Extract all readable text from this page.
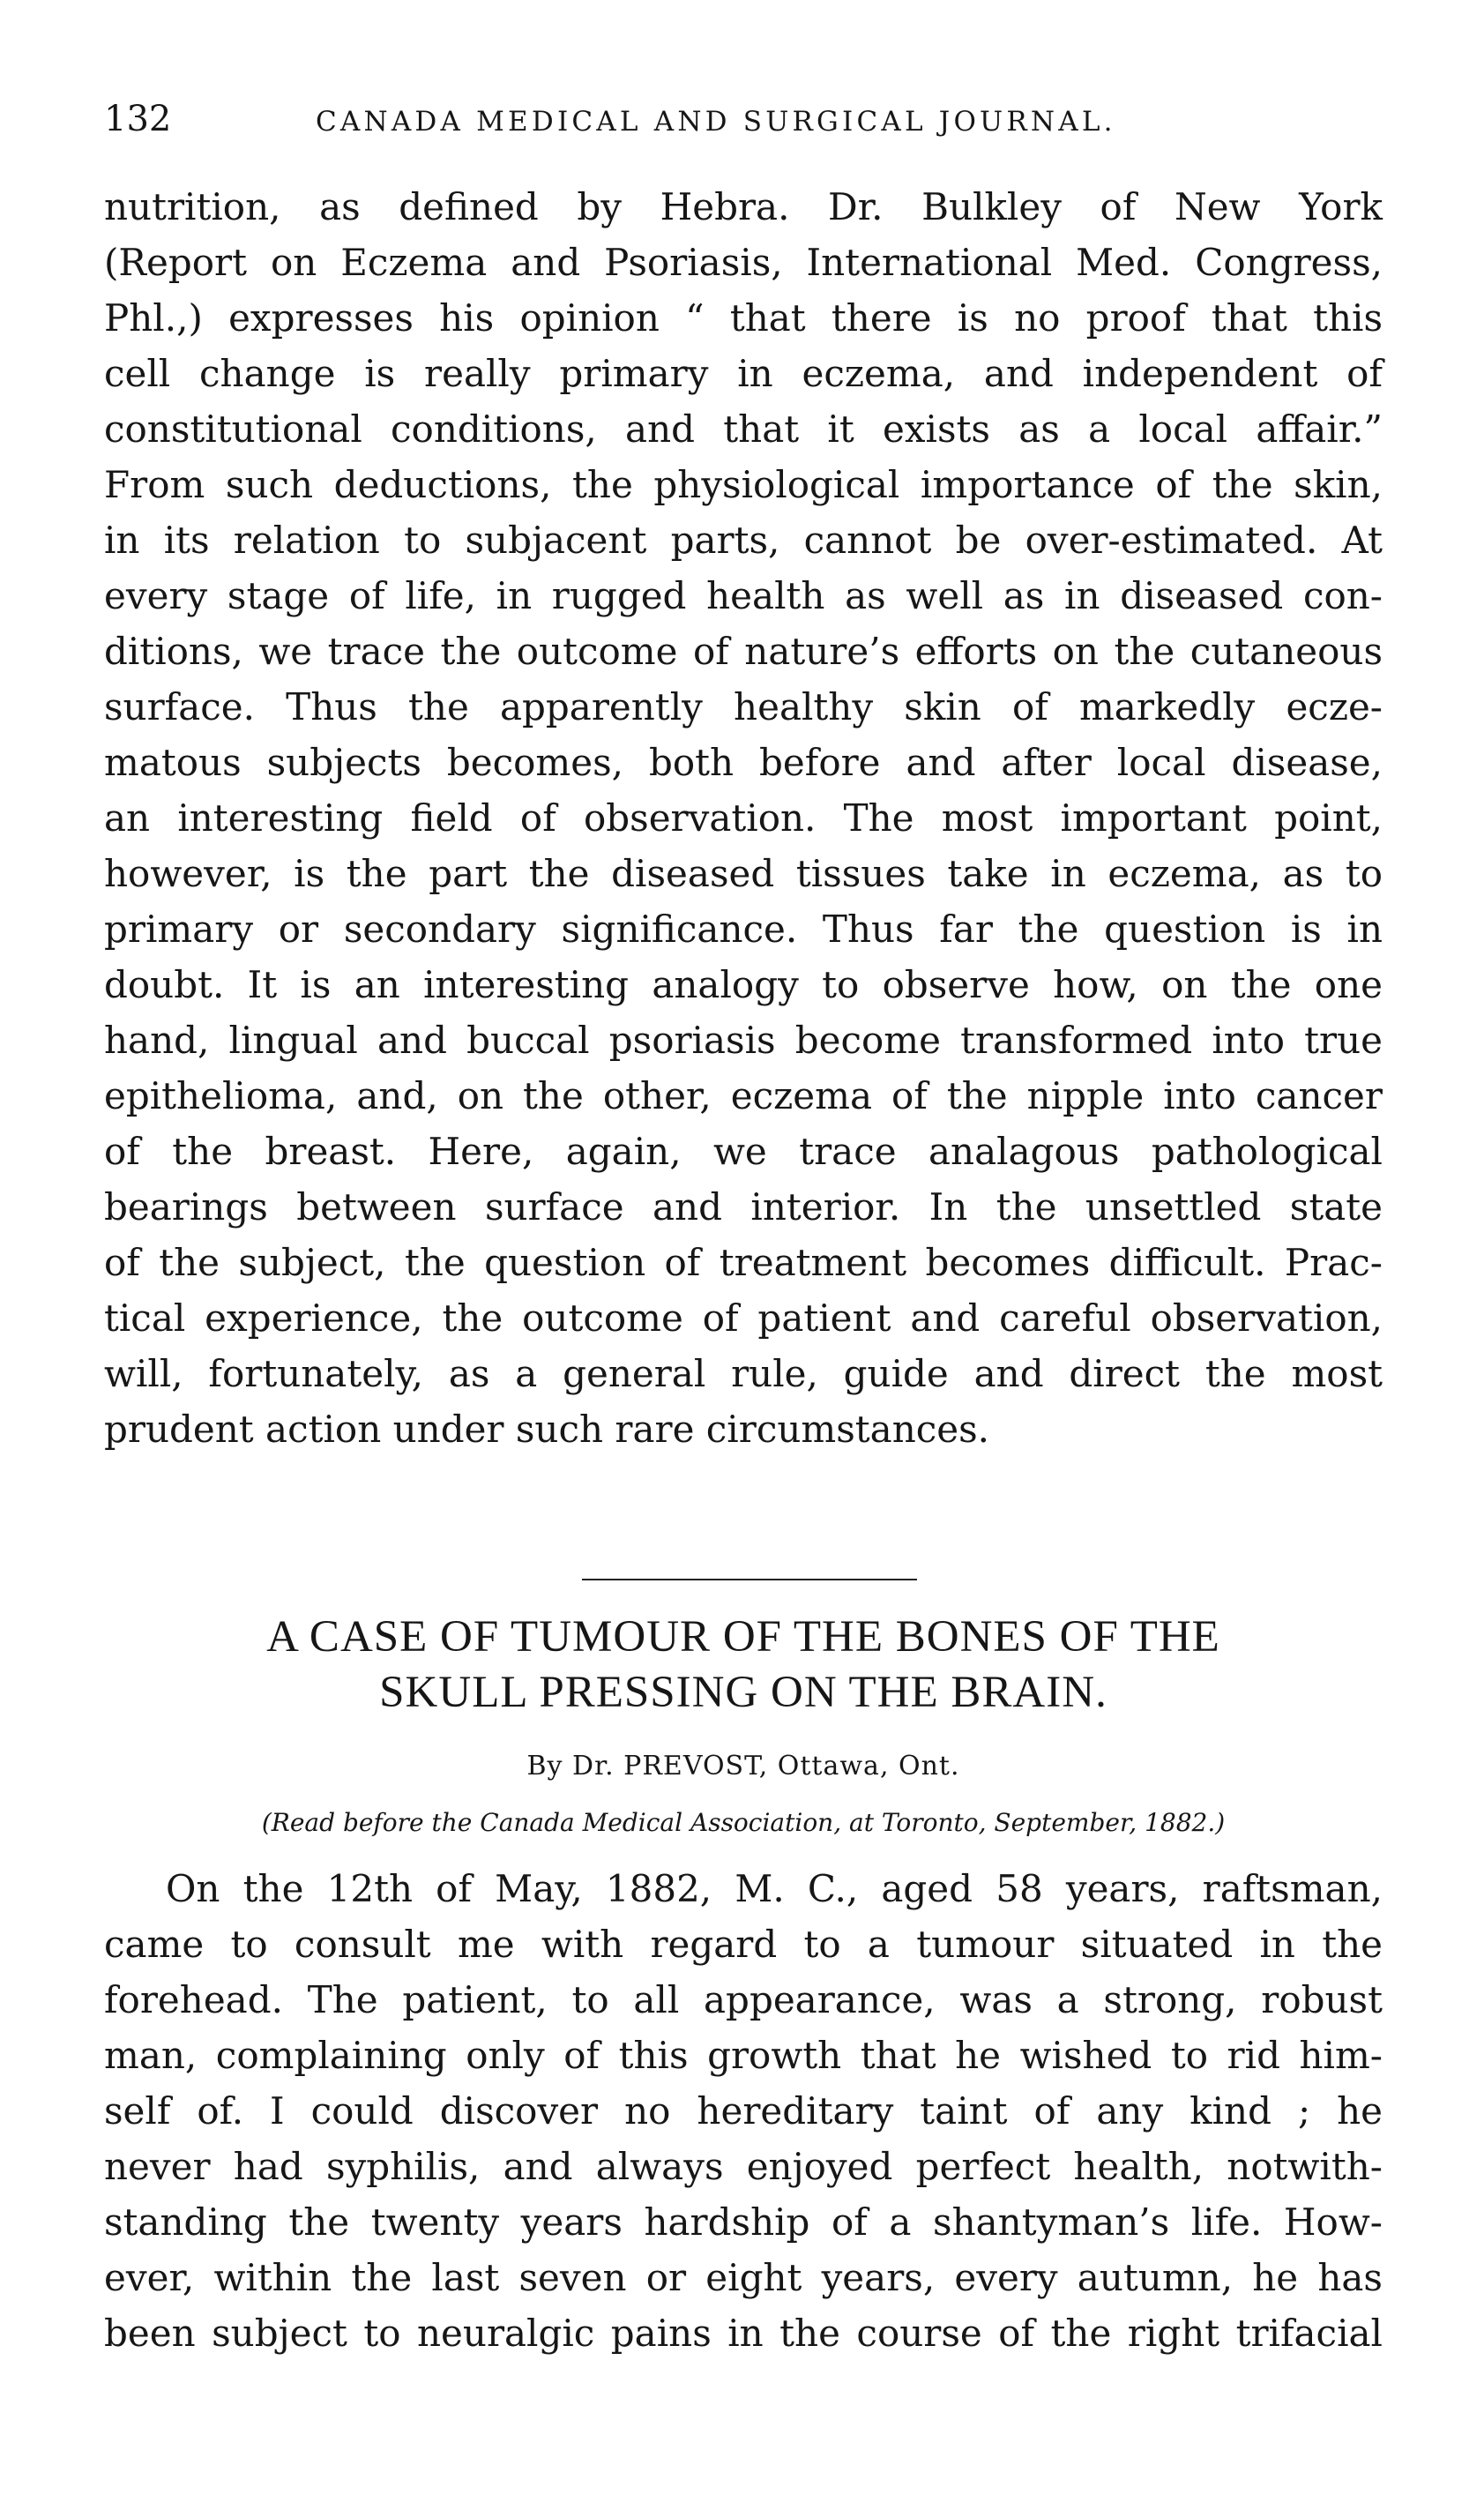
132	CANADA MEDICAL AND SURGICAL JOURNAL.
nutrition, as defined by Hebra. Dr. Bulkley of New York
(Report on Eczema and Psoriasis, International Med. Congress,
Phl.,) expresses his opinion “ that there is no proof that this
cell change is really primary in eczema, and independent of
constitutional conditions, and that it exists as a local affair.”
From such deductions, the physiological importance of the skin,
in its relation to subjacent parts, cannot be over-estimated. At
every stage of life, in rugged health as well as in diseased con-
ditions, we trace the outcome of nature’s efforts on the cutaneous
surface. Thus the apparently healthy skin of markedly ecze-
matous subjects becomes, both before and after local disease,
an interesting field of observation. The most important point,
however, is the part the diseased tissues take in eczema, as to
primary or secondary significance. Thus far the question is in
doubt. It is an interesting analogy to observe how, on the one
hand, lingual and buccal psoriasis become transformed into true
epithelioma, and, on the other, eczema of the nipple into cancer
of the breast. Here, again, we trace analagous pathological
bearings between surface and interior. In the unsettled state
of the subject, the question of treatment becomes difficult. Prac-
tical experience, the outcome of patient and careful observation,
will, fortunately, as a general rule, guide and direct the most
prudent action under such rare circumstances.
A CASE OF TUMOUR OF THE BONES OF THE
SKULL PRESSING ON THE BRAIN.
By Dr. PREVOST, Ottawa, Ont.
(Read before the Canada Medical Association, at Toronto, September, 1882.)
On the 12th of May, 1882, M. C., aged 58 years, raftsman,
came to consult me with regard to a tumour situated in the
forehead. The patient, to all appearance, was a strong, robust
man, complaining only of this growth that he wished to rid him-
self of. I could discover no hereditary taint of any kind ; he
never had syphilis, and always enjoyed perfect health, notwith-
standing the twenty years hardship of a shantyman’s life. How-
ever, within the last seven or eight years, every autumn, he has
been subject to neuralgic pains in the course of the right trifacial
